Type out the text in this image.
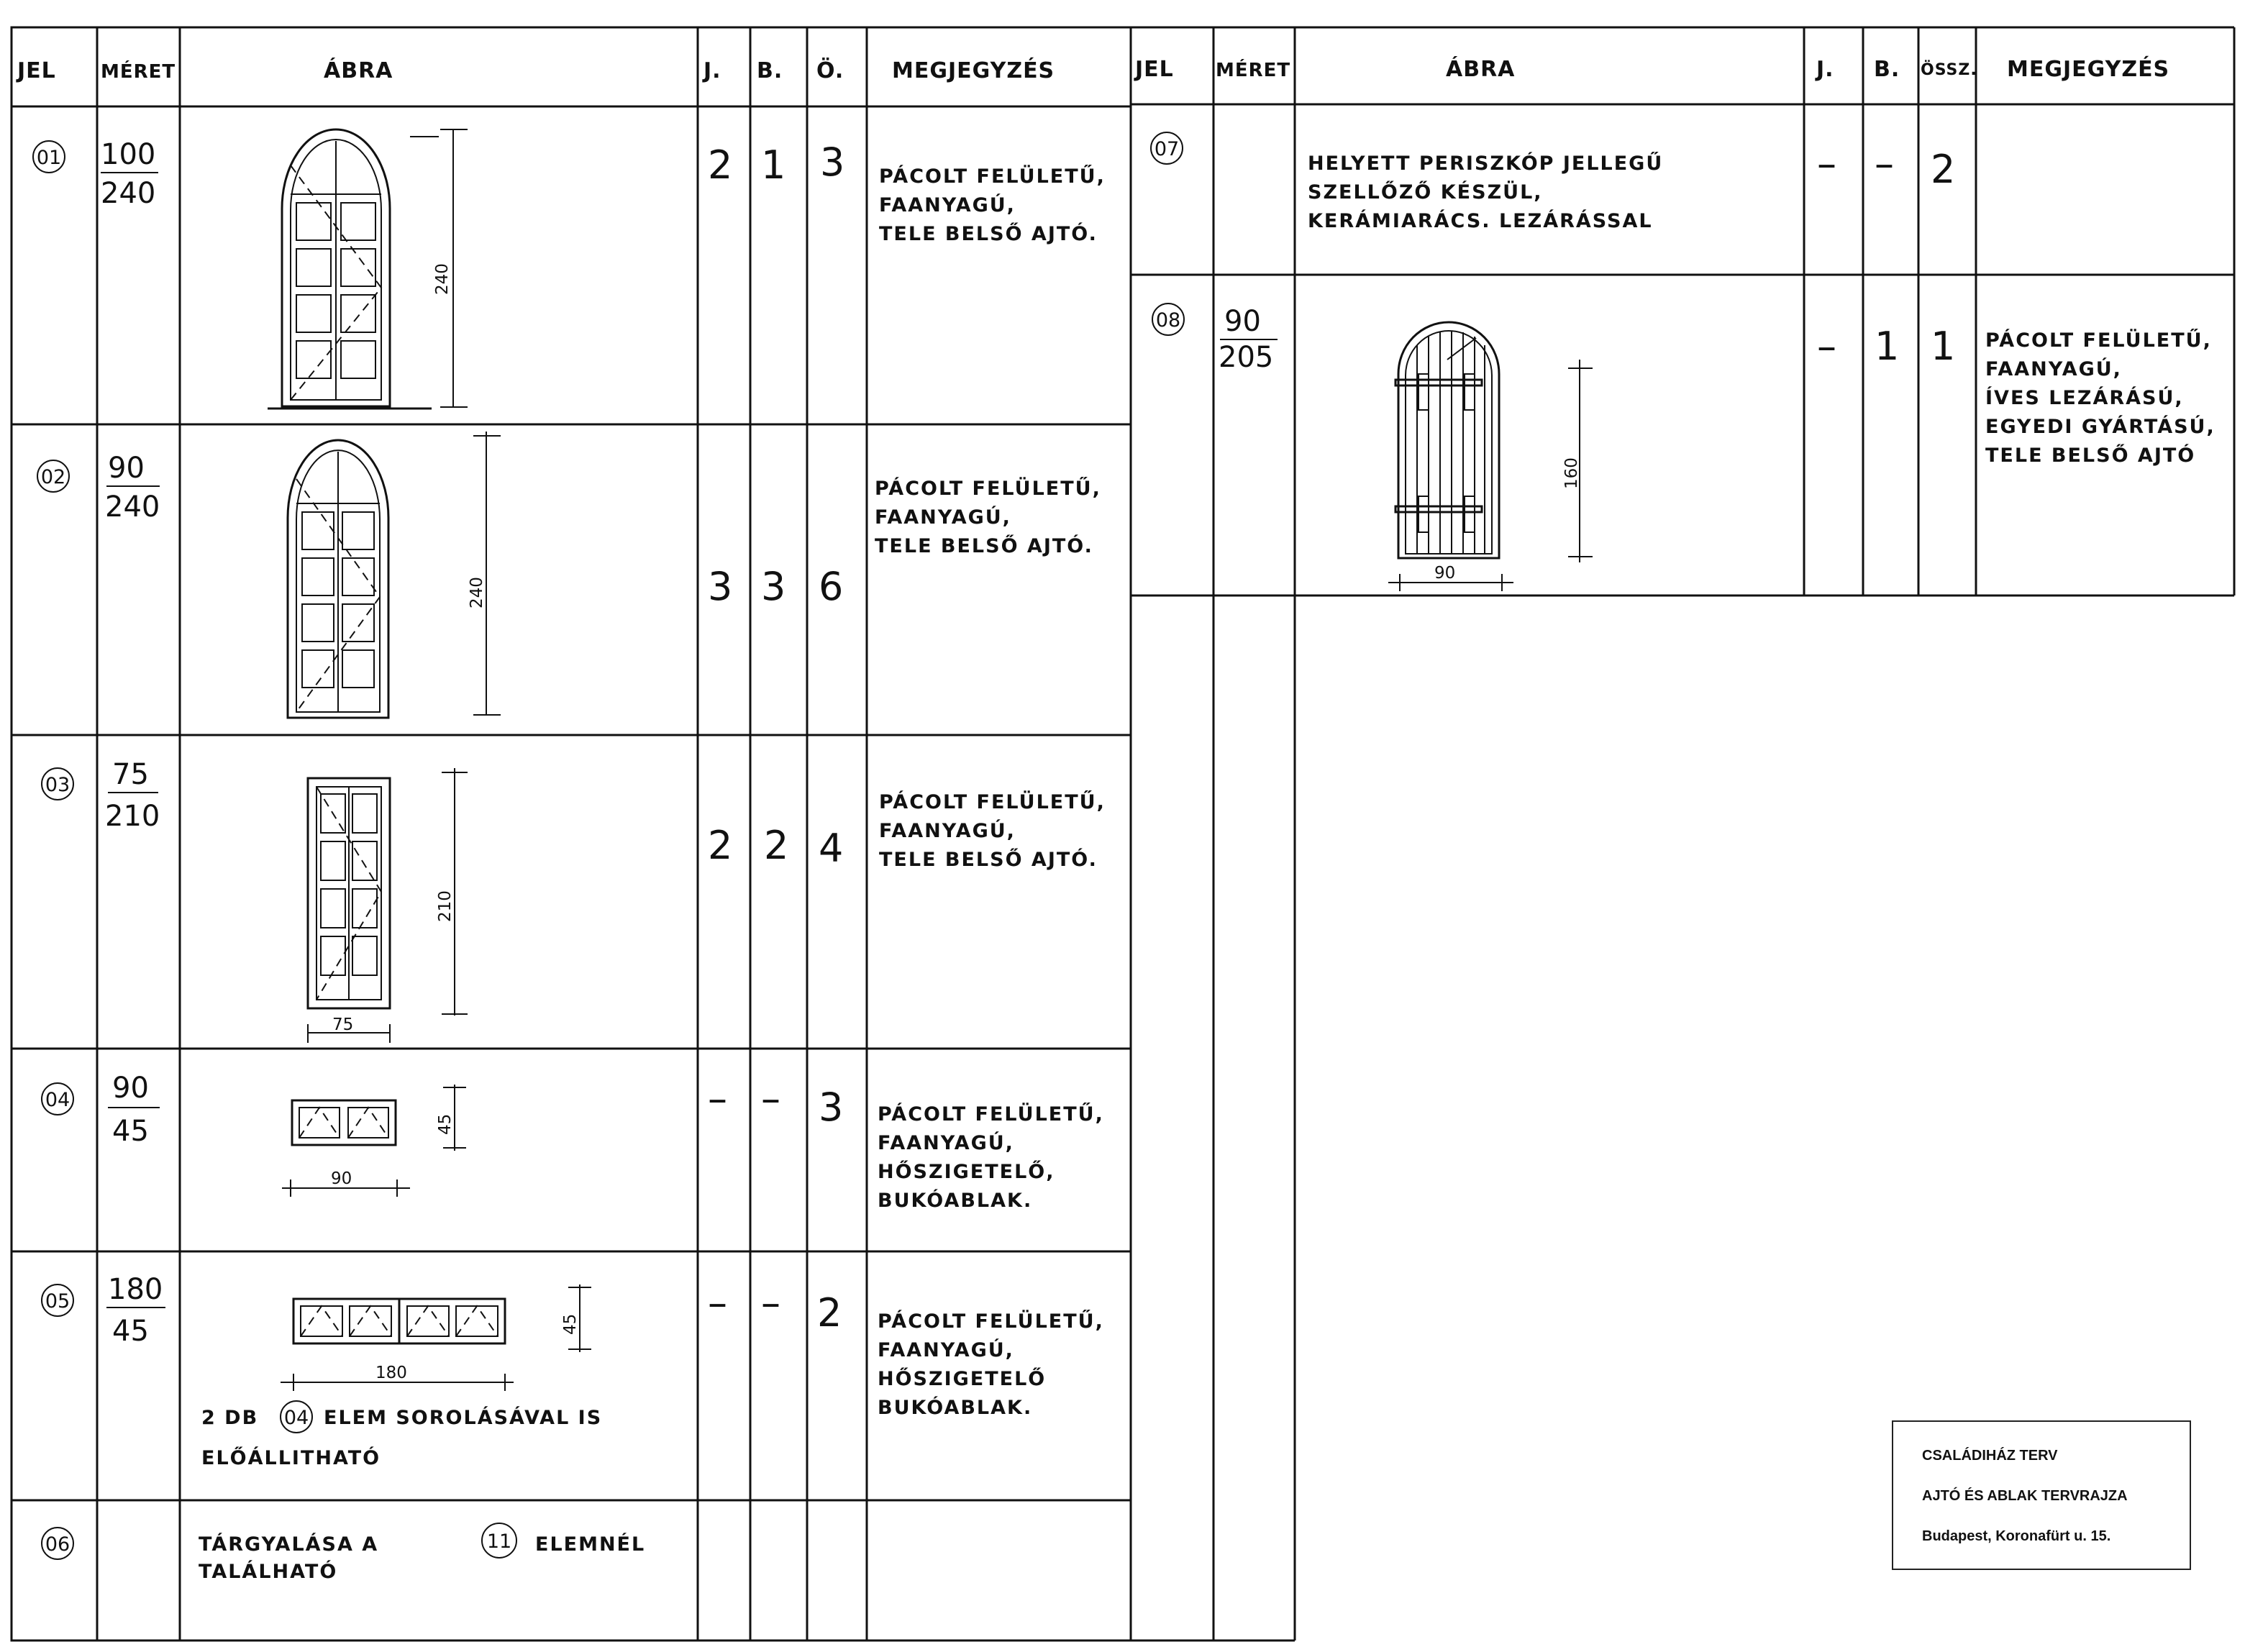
JEL MÉRET	ÁBRA	J. B. Ö. MEGJEGYZÉS	JEL MÉRET	ÁBRA	J. B. ÖSSZ. MEGJEGYZÉS
01 100
240
240
2 1 3 PÁCOLT FELÜLETŰ,
FAANYAGÚ,
TELE BELSŐ AJTÓ.
02 90
240
240	3 3 6
PÁCOLT FELÜLETŰ,
FAANYAGÚ,
TELE BELSŐ AJTÓ.
03 75
210
210
75
2 2 4
PÁCOLT FELÜLETŰ,
FAANYAGÚ,
TELE BELSŐ AJTÓ.
04 90
45	45
90
– – 3 PÁCOLT FELÜLETŰ,
FAANYAGÚ,
HŐSZIGETELŐ,
BUKÓABLAK.
05 180
45	45
180
2 DB 04 ELEM SOROLÁSÁVAL IS
ELŐÁLLITHATÓ
– – 2 PÁCOLT FELÜLETŰ,
FAANYAGÚ,
HŐSZIGETELŐ
BUKÓABLAK.
06	TÁRGYALÁSA A	11 ELEMNÉL
TALÁLHATÓ
07
HELYETT PERISZKÓP JELLEGŰ
SZELLŐZŐ KÉSZÜL,
KERÁMIARÁCS. LEZÁRÁSSAL
– – 2
08 90
205
160
90
– 1 1 PÁCOLT FELÜLETŰ,
FAANYAGÚ,
ÍVES LEZÁRÁSÚ,
EGYEDI GYÁRTÁSÚ,
TELE BELSŐ AJTÓ
CSALÁDIHÁZ TERV
AJTÓ ÉS ABLAK TERVRAJZA
Budapest, Koronafürt u. 15.
